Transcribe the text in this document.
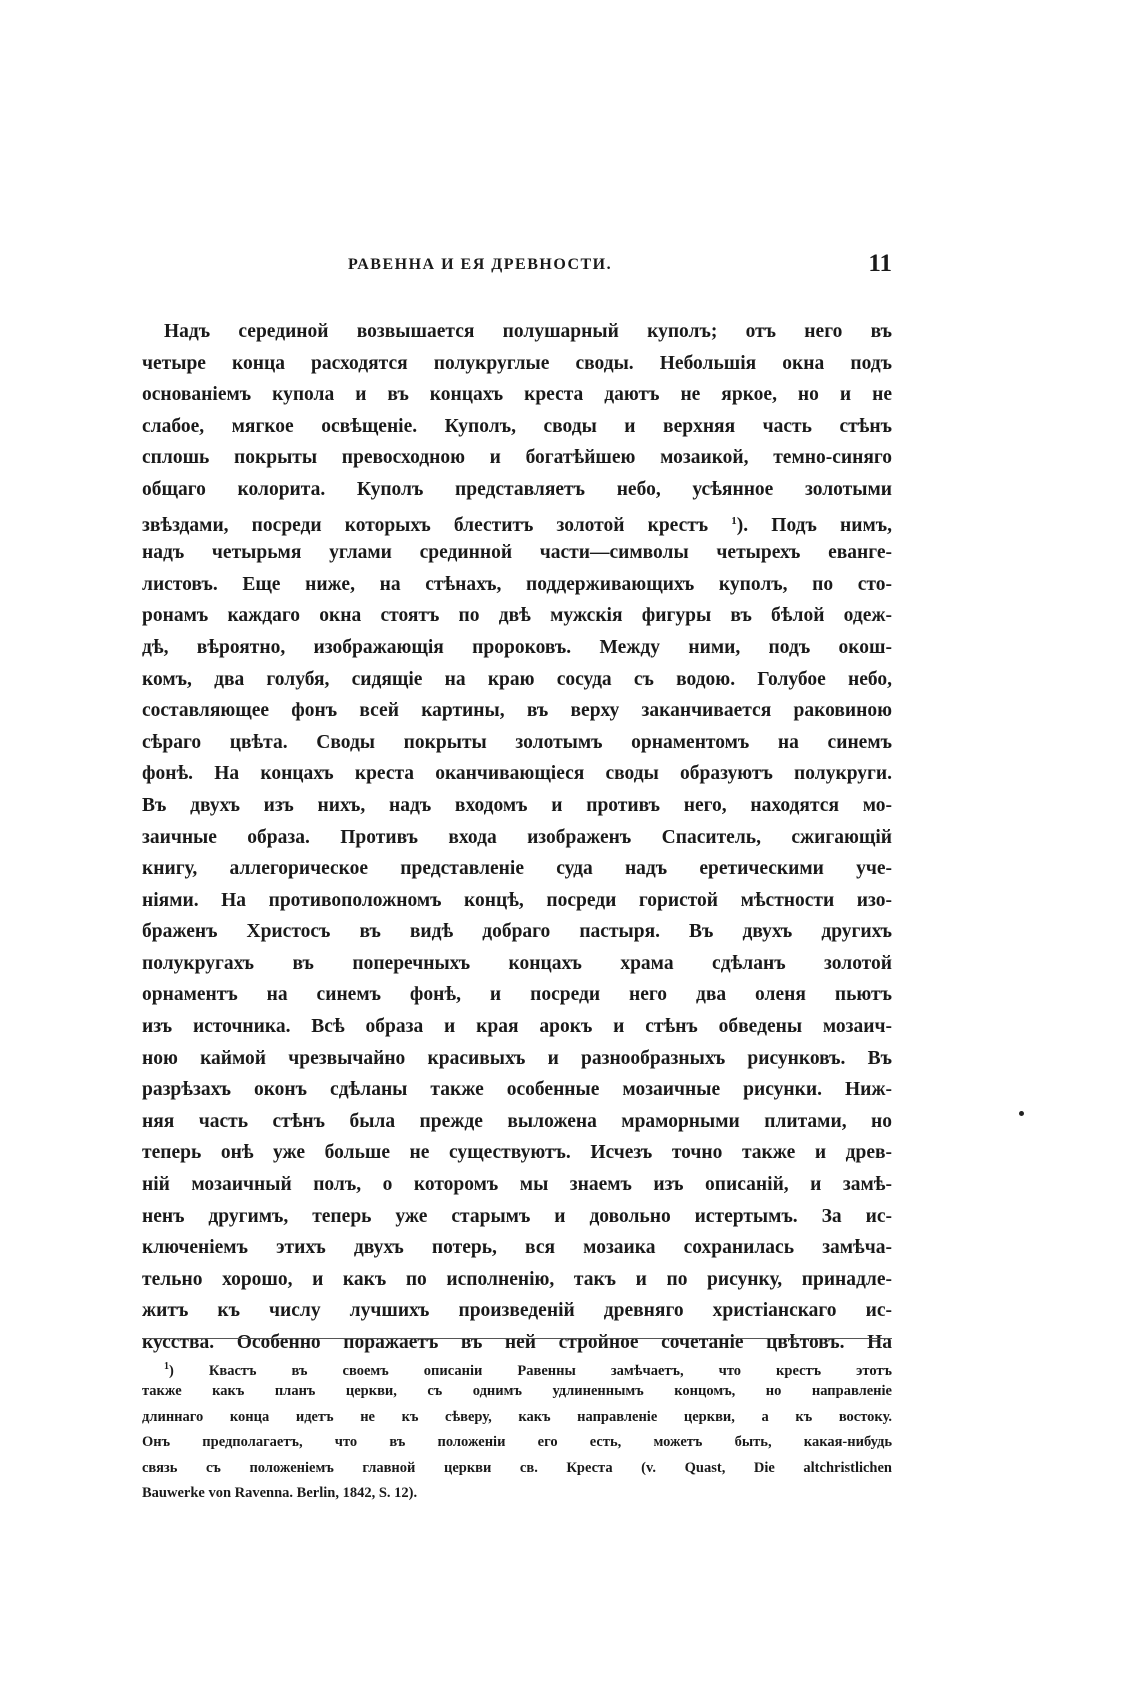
РАВЕННА И ЕЯ ДРЕВНОСТИ.	11
Надъ серединой возвышается полушарный куполъ; отъ него въ
четыре конца расходятся полукруглые своды. Небольшія окна подъ
основаніемъ купола и въ концахъ креста даютъ не яркое, но и не
слабое, мягкое освѣщеніе. Куполъ, своды и верхняя часть стѣнъ
сплошь покрыты превосходною и богатѣйшею мозаикой, темно-синяго
общаго колорита. Куполъ представляетъ небо, усѣянное золотыми
звѣздами, посреди которыхъ блеститъ золотой крестъ $^1$). Подъ нимъ,
надъ четырьмя углами срединной части—символы четырехъ еванге-
листовъ. Еще ниже, на стѣнахъ, поддерживающихъ куполъ, по сто-
ронамъ каждаго окна стоятъ по двѣ мужскія фигуры въ бѣлой одеж-
дѣ, вѣроятно, изображающія пророковъ. Между ними, подъ окош-
комъ, два голубя, сидящіе на краю сосуда съ водою. Голубое небо,
составляющее фонъ всей картины, въ верху заканчивается раковиною
сѣраго цвѣта. Своды покрыты золотымъ орнаментомъ на синемъ
фонѣ. На концахъ креста оканчивающіеся своды образуютъ полукруги.
Въ двухъ изъ нихъ, надъ входомъ и противъ него, находятся мо-
заичные образа. Противъ входа изображенъ Спаситель, сжигающій
книгу, аллегорическое представленіе суда надъ еретическими уче-
ніями. На противоположномъ концѣ, посреди гористой мѣстности изо-
браженъ Христосъ въ видѣ добраго пастыря. Въ двухъ другихъ
полукругахъ въ поперечныхъ концахъ храма сдѣланъ золотой
орнаментъ на синемъ фонѣ, и посреди него два оленя пьютъ
изъ источника. Всѣ образа и края арокъ и стѣнъ обведены мозаич-
ною каймой чрезвычайно красивыхъ и разнообразныхъ рисунковъ. Въ
разрѣзахъ оконъ сдѣланы также особенные мозаичные рисунки. Ниж-
няя часть стѣнъ была прежде выложена мраморными плитами, но
теперь онѣ уже больше не существуютъ. Исчезъ точно также и древ-
ній мозаичный полъ, о которомъ мы знаемъ изъ описаній, и замѣ-
ненъ другимъ, теперь уже старымъ и довольно истертымъ. За ис-
ключеніемъ этихъ двухъ потерь, вся мозаика сохранилась замѣча-
тельно хорошо, и какъ по исполненію, такъ и по рисунку, принадле-
житъ къ числу лучшихъ произведеній древняго христіанскаго ис-
кусства. Особенно поражаетъ въ ней стройное сочетаніе цвѣтовъ. На
$^1$) Квастъ въ своемъ описаніи Равенны замѣчаетъ, что крестъ этотъ
также какъ планъ церкви, съ однимъ удлиненнымъ концомъ, но направленіе
длиннаго конца идетъ не къ сѣверу, какъ направленіе церкви, а къ востоку.
Онъ предполагаетъ, что въ положеніи его есть, можетъ быть, какая-нибудь
связь съ положеніемъ главной церкви св. Креста (v. Quast, Die altchristlichen
Bauwerke von Ravenna. Berlin, 1842, S. 12).
